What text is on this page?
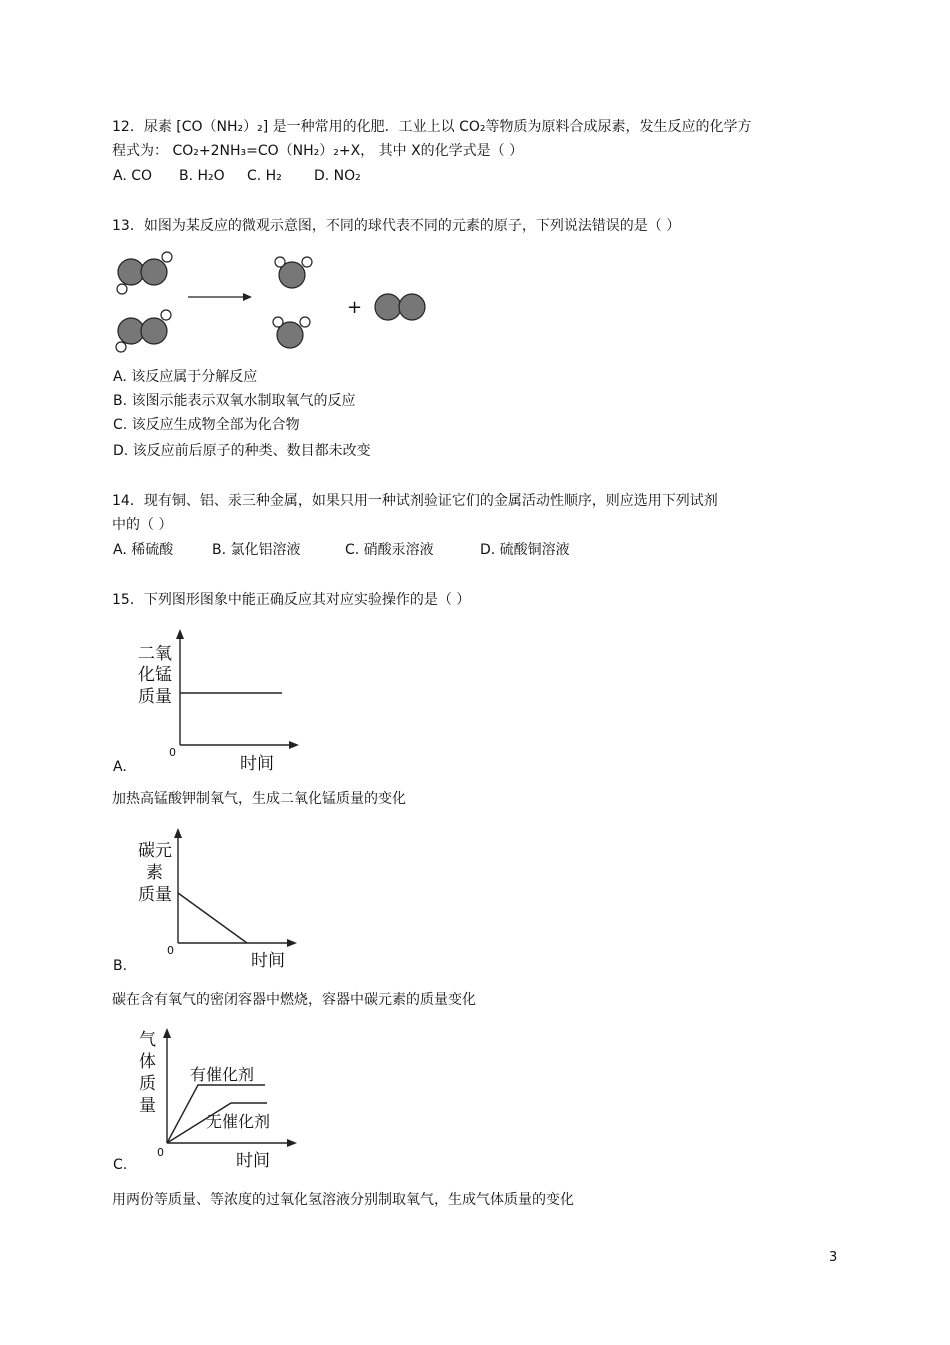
12．尿素 [CO（NH₂）₂] 是一种常用的化肥．工业上以 CO₂等物质为原料合成尿素，发生反应的化学方
程式为： CO₂+2NH₃=CO（NH₂）₂+X， 其中 X的化学式是（ ）
A. CO B. H₂O C. H₂ D. NO₂
13．如图为某反应的微观示意图，不同的球代表不同的元素的原子，下列说法错误的是（ ）
+
A. 该反应属于分解反应
B. 该图示能表示双氧水制取氧气的反应
C. 该反应生成物全部为化合物
D. 该反应前后原子的种类、数目都未改变
14．现有铜、铝、汞三种金属，如果只用一种试剂验证它们的金属活动性顺序，则应选用下列试剂
中的（ ）
A. 稀硫酸	B. 氯化铝溶液	C. 硝酸汞溶液	D. 硫酸铜溶液
15．下列图形图象中能正确反应其对应实验操作的是（ ）
二氧
化锰
质量
0
时间
A.
加热高锰酸钾制氧气，生成二氧化锰质量的变化
碳元
素
质量
0
时间
B.
碳在含有氧气的密闭容器中燃烧，容器中碳元素的质量变化
气
体
质
量
有催化剂
无催化剂
0	时间
C.
用两份等质量、等浓度的过氧化氢溶液分别制取氧气，生成气体质量的变化
3
